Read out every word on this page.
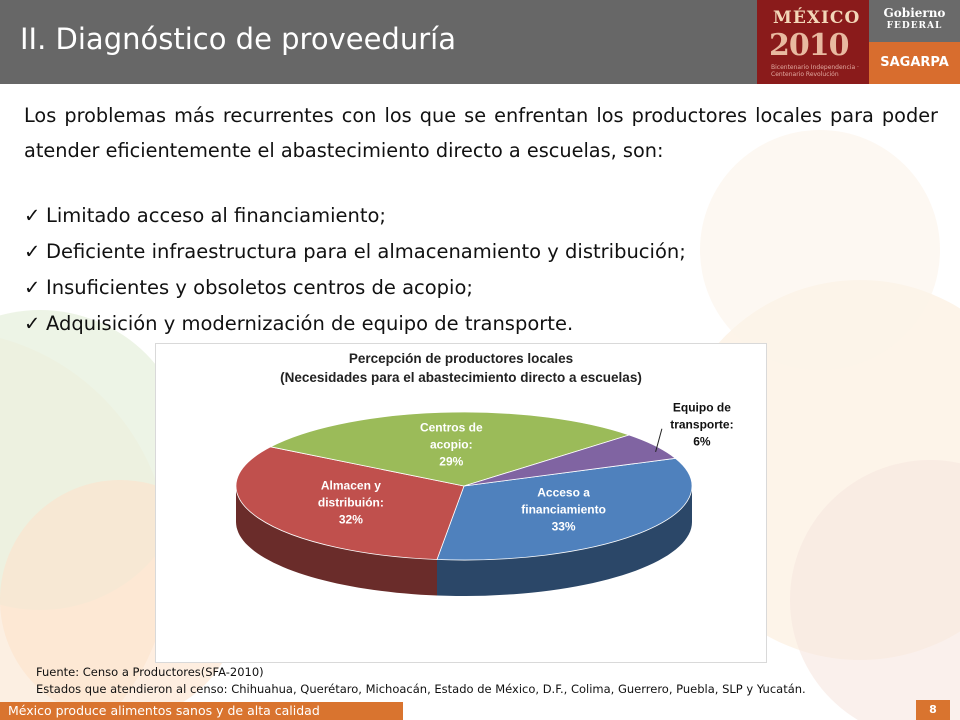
II. Diagnóstico de proveeduría
MÉXICO
2010
Bicentenario Independencia · Centenario Revolución
Gobierno
FEDERAL
SAGARPA
Los problemas más recurrentes con los que se enfrentan los productores locales para poder atender eficientemente el abastecimiento directo a escuelas, son:
✓ Limitado acceso al financiamiento;
✓ Deficiente infraestructura para el almacenamiento y distribución;
✓ Insuficientes y obsoletos centros de acopio;
✓ Adquisición y modernización de equipo de transporte.
Percepción de productores locales
(Necesidades para el abastecimiento directo a escuelas)
Acceso a
financiamiento
33%
Almacen y
distribuión:
32%
Centros de
acopio:
29%
Equipo de
transporte:
6%
Fuente: Censo a Productores(SFA-2010)
Estados que atendieron al censo: Chihuahua, Querétaro, Michoacán, Estado de México, D.F., Colima, Guerrero, Puebla, SLP y Yucatán.
México produce alimentos sanos y de alta calidad	8
